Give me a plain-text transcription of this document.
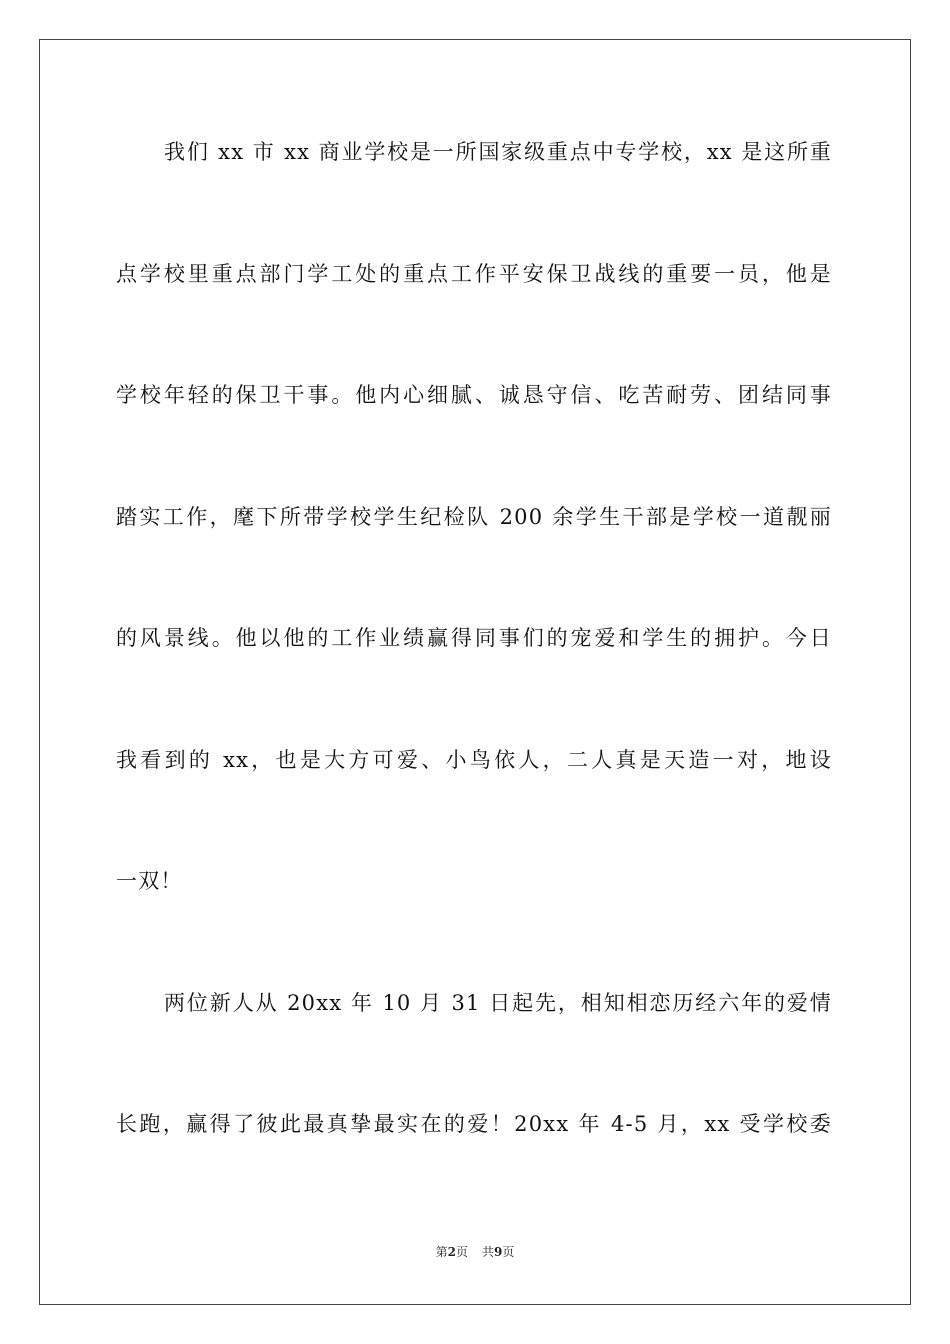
我们 xx 市 xx 商业学校是一所国家级重点中专学校，xx 是这所重
点学校里重点部门学工处的重点工作平安保卫战线的重要一员，他是
学校年轻的保卫干事。他内心细腻、诚恳守信、吃苦耐劳、团结同事
踏实工作，麾下所带学校学生纪检队 200 余学生干部是学校一道靓丽
的风景线。他以他的工作业绩赢得同事们的宠爱和学生的拥护。今日
我看到的 xx，也是大方可爱、小鸟依人，二人真是天造一对，地设
一双！
两位新人从 20xx 年 10 月 31 日起先，相知相恋历经六年的爱情
长跑，赢得了彼此最真挚最实在的爱！20xx 年 4-5 月，xx 受学校委
第2页 共9页
